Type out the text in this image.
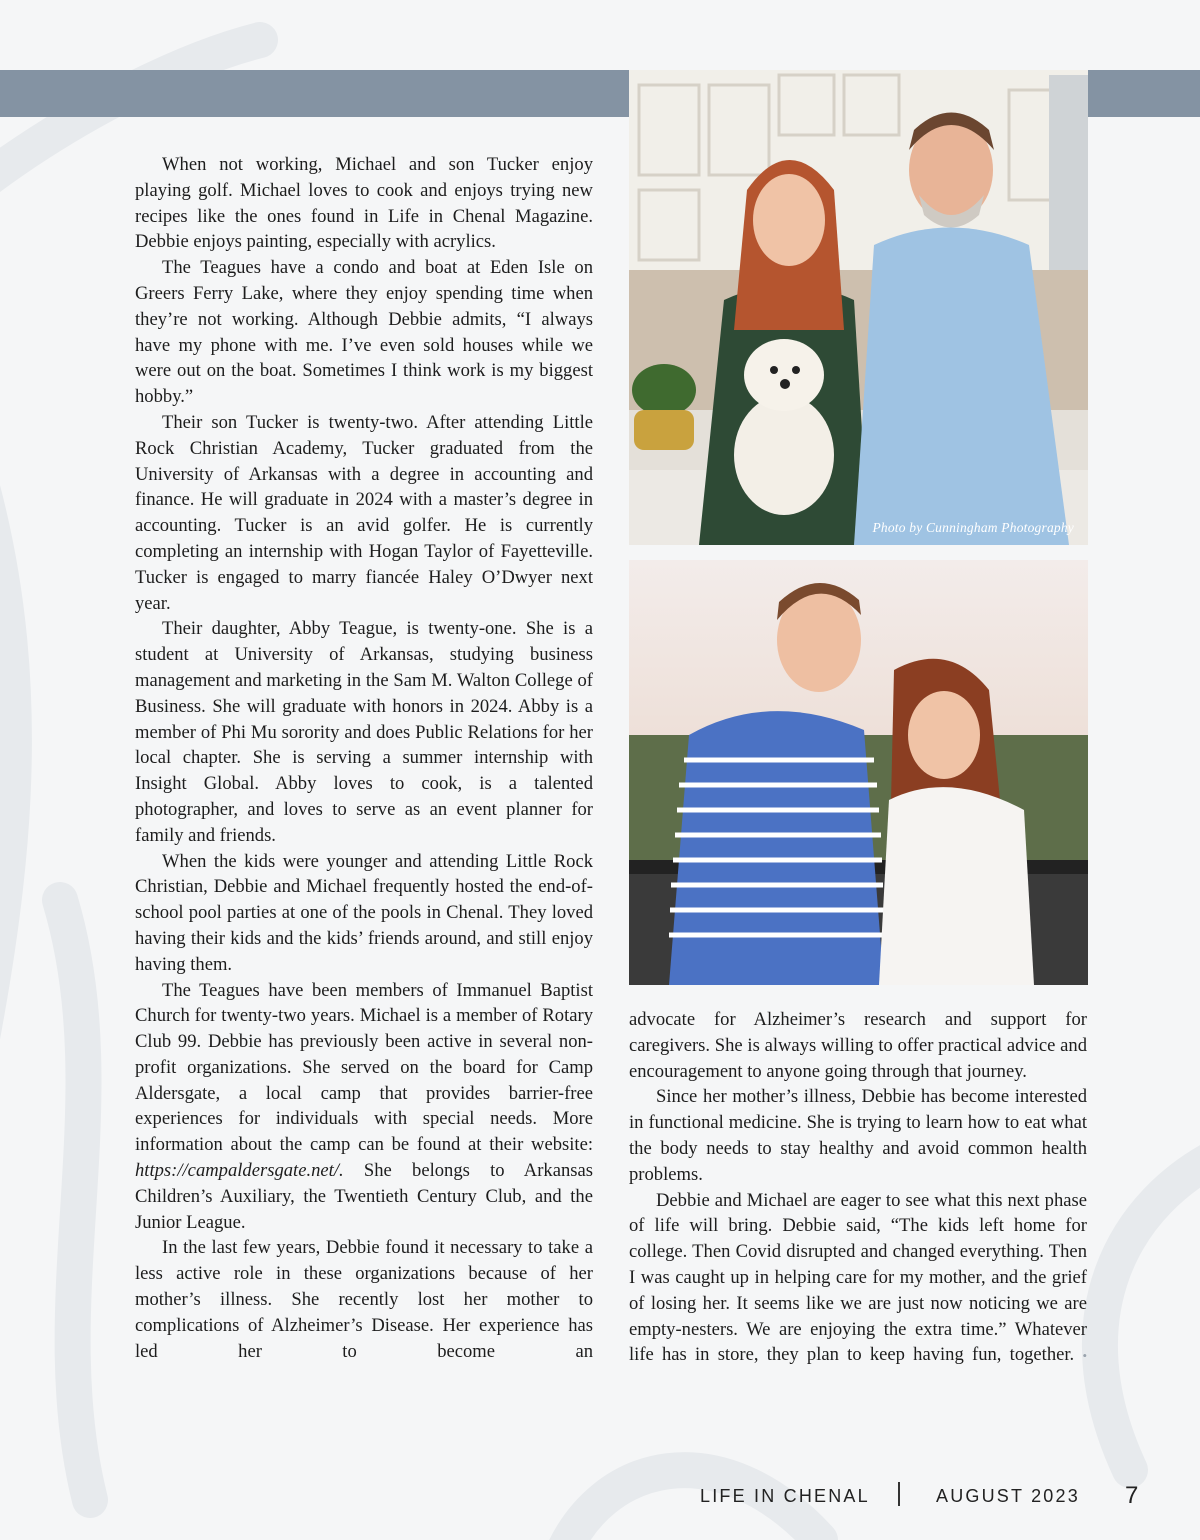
When not working, Michael and son Tucker enjoy playing golf. Michael loves to cook and enjoys trying new recipes like the ones found in Life in Chenal Magazine. Debbie enjoys painting, especially with acrylics.

The Teagues have a condo and boat at Eden Isle on Greers Ferry Lake, where they enjoy spending time when they’re not working. Although Debbie admits, “I always have my phone with me. I’ve even sold houses while we were out on the boat. Sometimes I think work is my biggest hobby.”

Their son Tucker is twenty-two. After attending Little Rock Christian Academy, Tucker graduated from the University of Arkansas with a degree in accounting and finance. He will graduate in 2024 with a master’s degree in accounting. Tucker is an avid golfer. He is currently completing an internship with Hogan Taylor of Fayetteville. Tucker is engaged to marry fiancée Haley O’Dwyer next year.

Their daughter, Abby Teague, is twenty-one. She is a student at University of Arkansas, studying business management and marketing in the Sam M. Walton College of Business. She will graduate with honors in 2024. Abby is a member of Phi Mu sorority and does Public Relations for her local chapter. She is serving a summer internship with Insight Global. Abby loves to cook, is a talented photographer, and loves to serve as an event planner for family and friends.

When the kids were younger and attending Little Rock Christian, Debbie and Michael frequently hosted the end-of-school pool parties at one of the pools in Chenal. They loved having their kids and the kids’ friends around, and still enjoy having them.

The Teagues have been members of Immanuel Baptist Church for twenty-two years. Michael is a member of Rotary Club 99. Debbie has previously been active in several non-profit organizations. She served on the board for Camp Aldersgate, a local camp that provides barrier-free experiences for individuals with special needs. More information about the camp can be found at their website: https://campaldersgate.net/. She belongs to Arkansas Children’s Auxiliary, the Twentieth Century Club, and the Junior League.

In the last few years, Debbie found it necessary to take a less active role in these organizations because of her mother’s illness. She recently lost her mother to complications of Alzheimer’s Disease. Her experience has led her to become an

Photo by Cunningham Photography

advocate for Alzheimer’s research and support for caregivers. She is always willing to offer practical advice and encouragement to anyone going through that journey.

Since her mother’s illness, Debbie has become interested in functional medicine. She is trying to learn how to eat what the body needs to stay healthy and avoid common health problems.

Debbie and Michael are eager to see what this next phase of life will bring. Debbie said, “The kids left home for college. Then Covid disrupted and changed everything. Then I was caught up in helping care for my mother, and the grief of losing her. It seems like we are just now noticing we are empty-nesters. We are enjoying the extra time.” Whatever life has in store, they plan to keep having fun, together. •

LIFE IN CHENAL	AUGUST 2023 7
